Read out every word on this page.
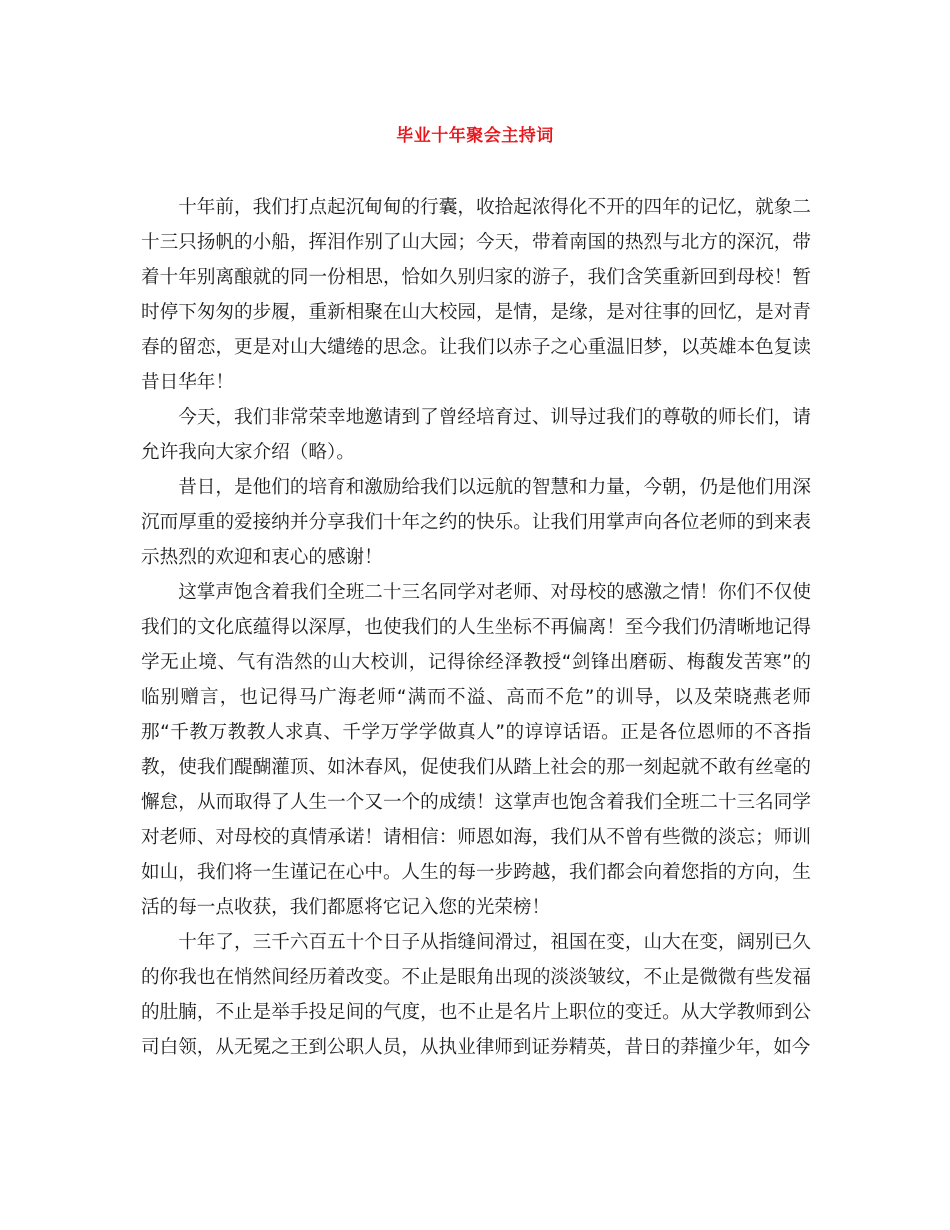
毕业十年聚会主持词

十年前，我们打点起沉甸甸的行囊，收拾起浓得化不开的四年的记忆，就象二十三只扬帆的小船，挥泪作别了山大园；今天，带着南国的热烈与北方的深沉，带着十年别离酿就的同一份相思，恰如久别归家的游子，我们含笑重新回到母校！暂时停下匆匆的步履，重新相聚在山大校园，是情，是缘，是对往事的回忆，是对青春的留恋，更是对山大缱绻的思念。让我们以赤子之心重温旧梦，以英雄本色复读昔日华年！

今天，我们非常荣幸地邀请到了曾经培育过、训导过我们的尊敬的师长们，请允许我向大家介绍（略）。

昔日，是他们的培育和激励给我们以远航的智慧和力量，今朝，仍是他们用深沉而厚重的爱接纳并分享我们十年之约的快乐。让我们用掌声向各位老师的到来表示热烈的欢迎和衷心的感谢！

这掌声饱含着我们全班二十三名同学对老师、对母校的感激之情！你们不仅使我们的文化底蕴得以深厚，也使我们的人生坐标不再偏离！至今我们仍清晰地记得学无止境、气有浩然的山大校训，记得徐经泽教授“剑锋出磨砺、梅馥发苦寒”的临别赠言，也记得马广海老师“满而不溢、高而不危”的训导，以及荣晓燕老师那“千教万教教人求真、千学万学学做真人”的谆谆话语。正是各位恩师的不吝指教，使我们醍醐灌顶、如沐春风，促使我们从踏上社会的那一刻起就不敢有丝毫的懈怠，从而取得了人生一个又一个的成绩！这掌声也饱含着我们全班二十三名同学对老师、对母校的真情承诺！请相信：师恩如海，我们从不曾有些微的淡忘；师训如山，我们将一生谨记在心中。人生的每一步跨越，我们都会向着您指的方向，生活的每一点收获，我们都愿将它记入您的光荣榜！

十年了，三千六百五十个日子从指缝间滑过，祖国在变，山大在变，阔别已久的你我也在悄然间经历着改变。不止是眼角出现的淡淡皱纹，不止是微微有些发福的肚腩，不止是举手投足间的气度，也不止是名片上职位的变迁。从大学教师到公司白领，从无冕之王到公职人员，从执业律师到证券精英，昔日的莽撞少年，如今
